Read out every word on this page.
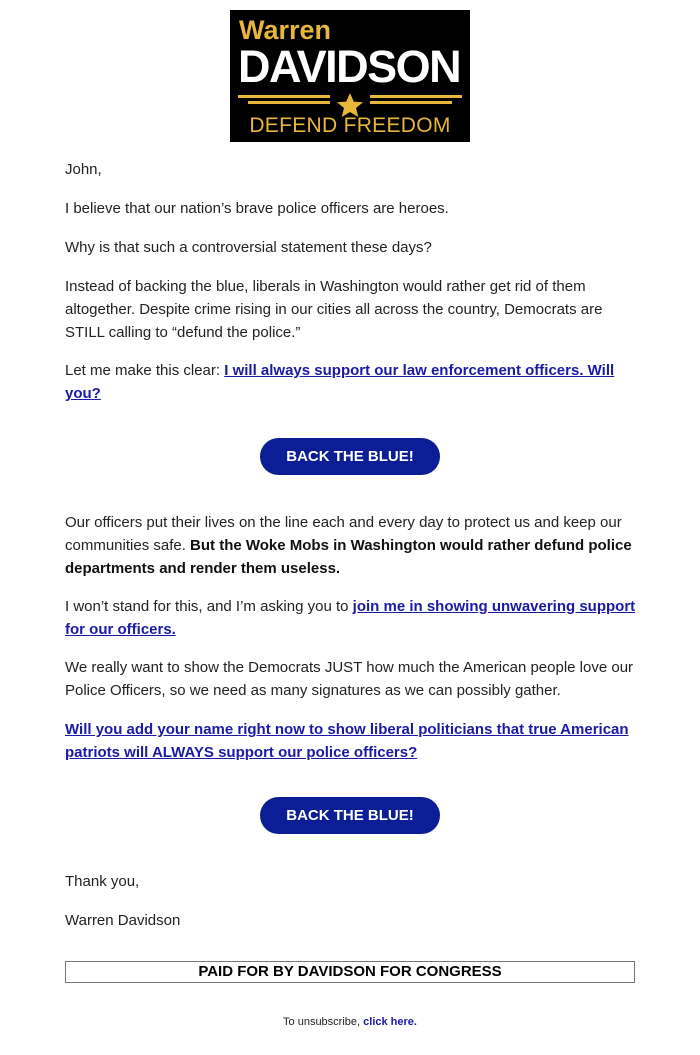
Warren
DAVIDSON
DEFEND FREEDOM

John,

I believe that our nation’s brave police officers are heroes.

Why is that such a controversial statement these days?

Instead of backing the blue, liberals in Washington would rather get rid of them altogether. Despite crime rising in our cities all across the country, Democrats are STILL calling to “defund the police.”

Let me make this clear: I will always support our law enforcement officers. Will you?

BACK THE BLUE!

Our officers put their lives on the line each and every day to protect us and keep our communities safe. But the Woke Mobs in Washington would rather defund police departments and render them useless.

I won’t stand for this, and I’m asking you to join me in showing unwavering support for our officers.

We really want to show the Democrats JUST how much the American people love our Police Officers, so we need as many signatures as we can possibly gather.

Will you add your name right now to show liberal politicians that true American patriots will ALWAYS support our police officers?

BACK THE BLUE!

Thank you,

Warren Davidson

PAID FOR BY DAVIDSON FOR CONGRESS
To unsubscribe, click here.
